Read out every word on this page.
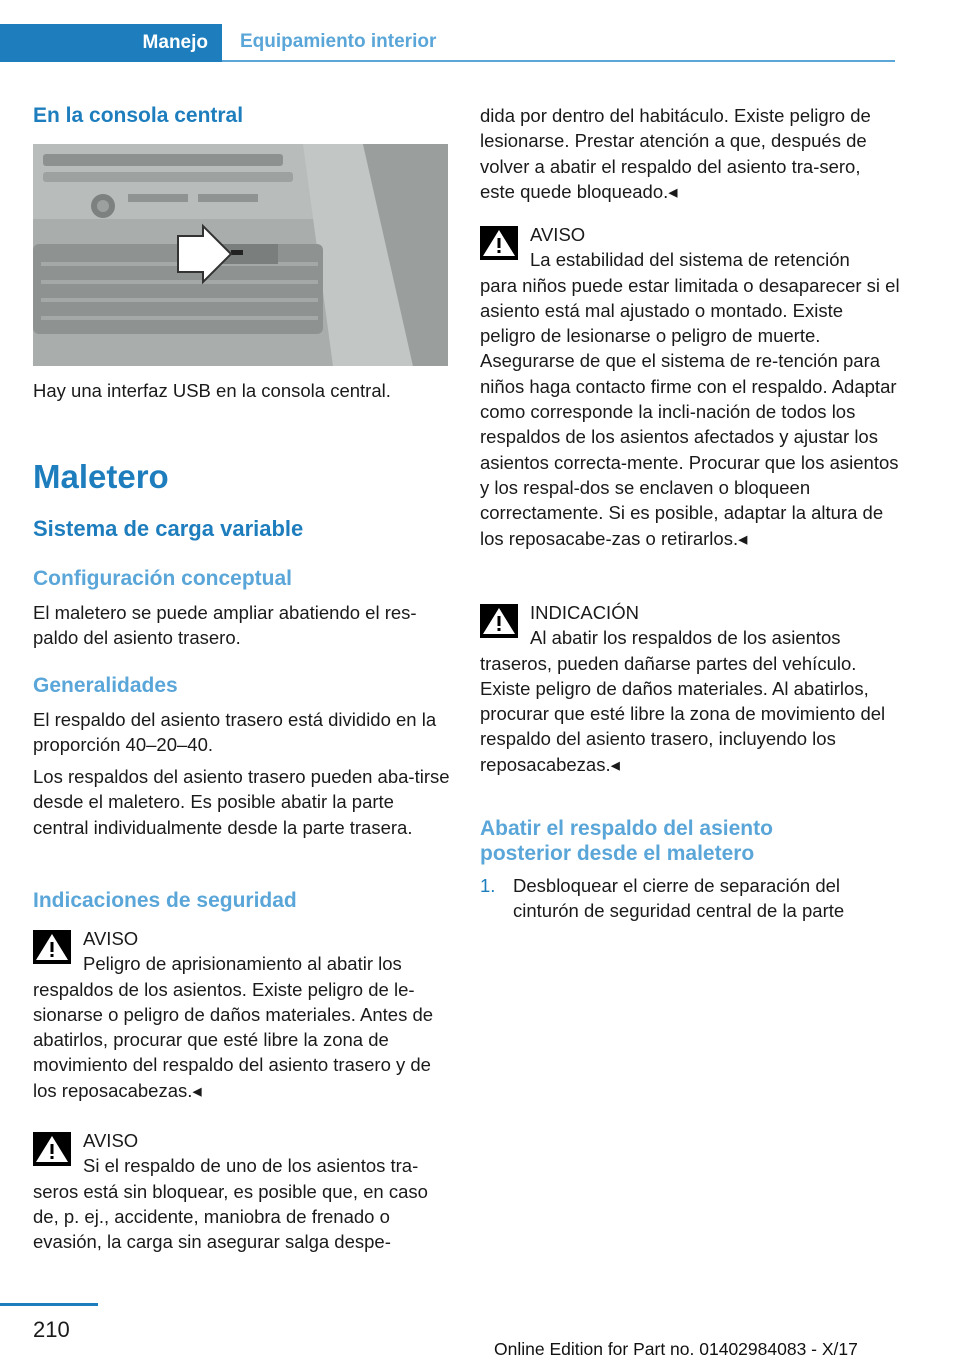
Manejo	Equipamiento interior
En la consola central

Hay una interfaz USB en la consola central.

Maletero
Sistema de carga variable
Configuración conceptual

El maletero se puede ampliar abatiendo el res-paldo del asiento trasero.

Generalidades

El respaldo del asiento trasero está dividido en la proporción 40–20–40.

Los respaldos del asiento trasero pueden aba-tirse desde el maletero. Es posible abatir la parte central individualmente desde la parte trasera.

Indicaciones de seguridad

AVISO

Peligro de aprisionamiento al abatir los

respaldos de los asientos. Existe peligro de le-sionarse o peligro de daños materiales. Antes de abatirlos, procurar que esté libre la zona de movimiento del respaldo del asiento trasero y de los reposacabezas.◂

AVISO

Si el respaldo de uno de los asientos tra-

seros está sin bloquear, es posible que, en caso de, p. ej., accidente, maniobra de frenado o evasión, la carga sin asegurar salga despe-

dida por dentro del habitáculo. Existe peligro de lesionarse. Prestar atención a que, después de volver a abatir el respaldo del asiento tra-sero, este quede bloqueado.◂

AVISO

La estabilidad del sistema de retención

para niños puede estar limitada o desaparecer si el asiento está mal ajustado o montado. Existe peligro de lesionarse o peligro de muerte. Asegurarse de que el sistema de re-tención para niños haga contacto firme con el respaldo. Adaptar como corresponde la incli-nación de todos los respaldos de los asientos afectados y ajustar los asientos correcta-mente. Procurar que los asientos y los respal-dos se enclaven o bloqueen correctamente. Si es posible, adaptar la altura de los reposacabe-zas o retirarlos.◂

INDICACIÓN

Al abatir los respaldos de los asientos

traseros, pueden dañarse partes del vehículo. Existe peligro de daños materiales. Al abatirlos, procurar que esté libre la zona de movimiento del respaldo del asiento trasero, incluyendo los reposacabezas.◂

Abatir el respaldo del asiento posterior desde el maletero
1. Desbloquear el cierre de separación del cinturón de seguridad central de la parte

210
Online Edition for Part no. 01402984083 - X/17
